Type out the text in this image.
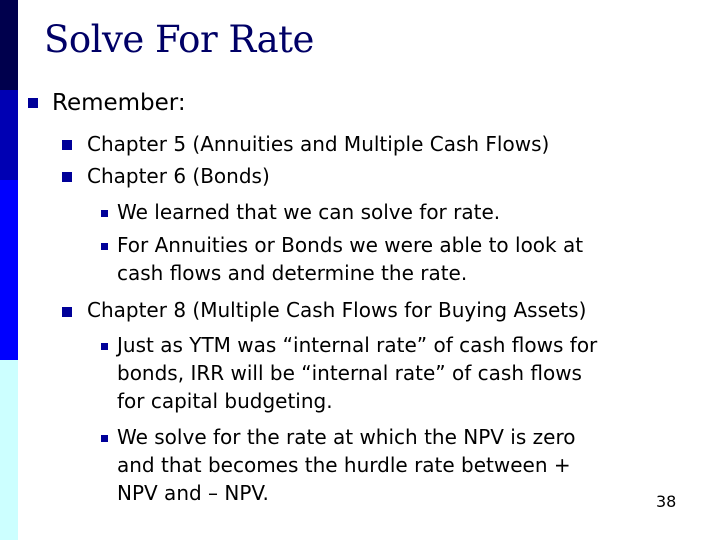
Solve For Rate
Remember:
Chapter 5 (Annuities and Multiple Cash Flows)
Chapter 6 (Bonds)
We learned that we can solve for rate.
For Annuities or Bonds we were able to look at
cash flows and determine the rate.
Chapter 8 (Multiple Cash Flows for Buying Assets)
Just as YTM was “internal rate” of cash flows for
bonds, IRR will be “internal rate” of cash flows
for capital budgeting.
We solve for the rate at which the NPV is zero
and that becomes the hurdle rate between +
NPV and – NPV.	38
